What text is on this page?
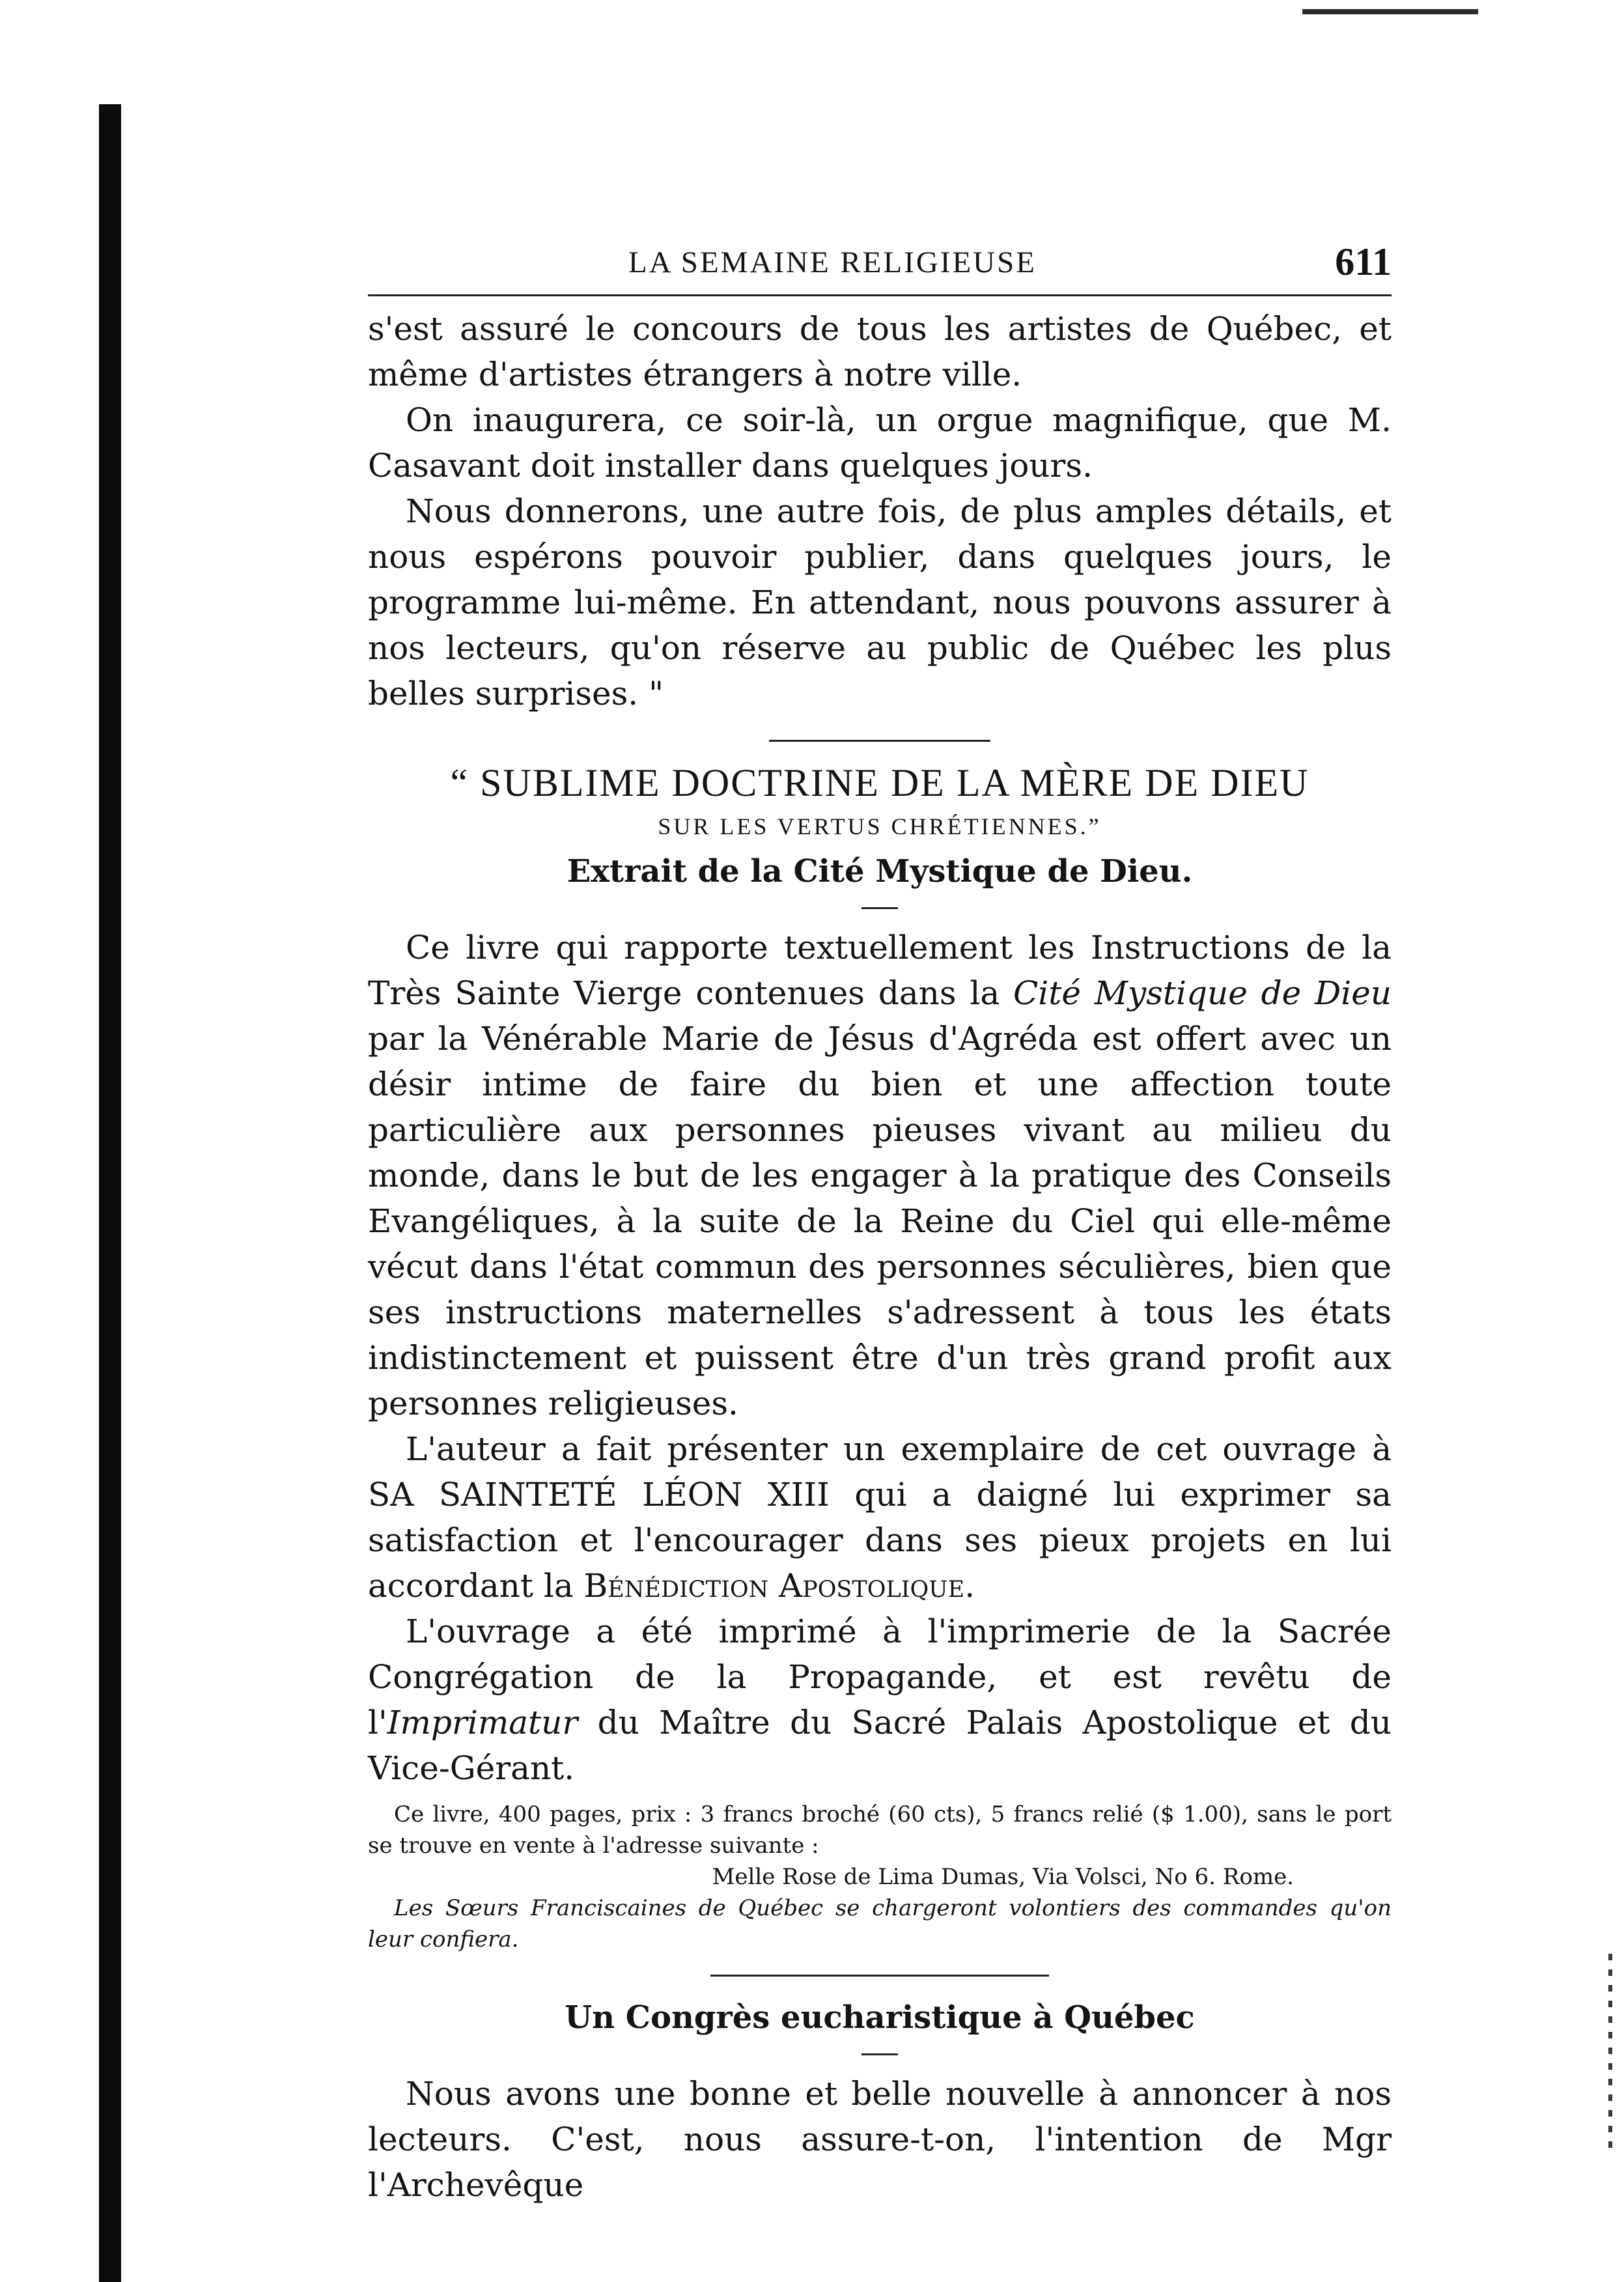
LA SEMAINE RELIGIEUSE	611

s'est assuré le concours de tous les artistes de Québec, et même d'artistes étrangers à notre ville.

On inaugurera, ce soir-là, un orgue magnifique, que M. Casavant doit installer dans quelques jours.

Nous donnerons, une autre fois, de plus amples détails, et nous espérons pouvoir publier, dans quelques jours, le programme lui-même. En attendant, nous pouvons assurer à nos lecteurs, qu'on réserve au public de Québec les plus belles surprises. "

“ SUBLIME DOCTRINE DE LA MÈRE DE DIEU

SUR LES VERTUS CHRÉTIENNES.”

Extrait de la Cité Mystique de Dieu.

Ce livre qui rapporte textuellement les Instructions de la Très Sainte Vierge contenues dans la Cité Mystique de Dieu par la Vénérable Marie de Jésus d'Agréda est offert avec un désir intime de faire du bien et une affection toute particulière aux personnes pieuses vivant au milieu du monde, dans le but de les engager à la pratique des Conseils Evangéliques, à la suite de la Reine du Ciel qui elle-même vécut dans l'état commun des personnes séculières, bien que ses instructions maternelles s'adressent à tous les états indistinctement et puissent être d'un très grand profit aux personnes religieuses.

L'auteur a fait présenter un exemplaire de cet ouvrage à SA SAINTETÉ LÉON XIII qui a daigné lui exprimer sa satisfaction et l'encourager dans ses pieux projets en lui accordant la Bénédiction Apostolique.

L'ouvrage a été imprimé à l'imprimerie de la Sacrée Congrégation de la Propagande, et est revêtu de l'Imprimatur du Maître du Sacré Palais Apostolique et du Vice-Gérant.

Ce livre, 400 pages, prix : 3 francs broché (60 cts), 5 francs relié ($ 1.00), sans le port se trouve en vente à l'adresse suivante :

Melle Rose de Lima Dumas, Via Volsci, No 6. Rome.

Les Sœurs Franciscaines de Québec se chargeront volontiers des commandes qu'on leur confiera.

Un Congrès eucharistique à Québec

Nous avons une bonne et belle nouvelle à annoncer à nos lecteurs. C'est, nous assure-t-on, l'intention de Mgr l'Archevêque
